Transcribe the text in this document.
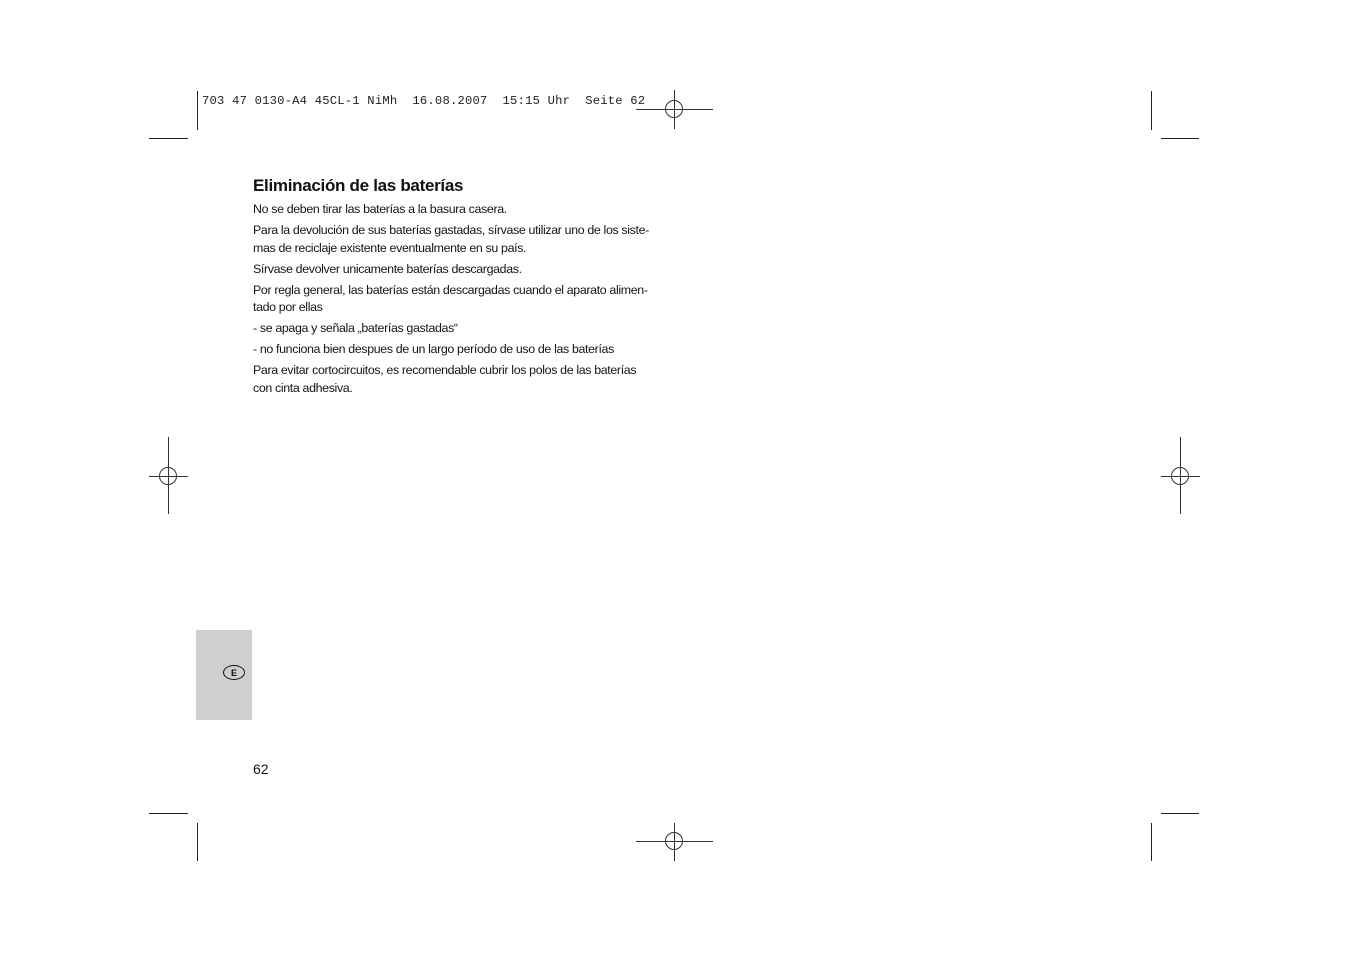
703 47 0130-A4 45CL-1 NiMh  16.08.2007  15:15 Uhr  Seite 62
Eliminación de las baterías

No se deben tirar las baterías a la basura casera.

Para la devolución de sus baterías gastadas, sírvase utilizar uno de los siste-
mas de reciclaje existente eventualmente en su país.

Sírvase devolver unicamente baterías descargadas.

Por regla general, las baterías están descargadas cuando el aparato alimen-
tado por ellas

- se apaga y señala „baterías gastadas“

- no funciona bien despues de un largo período de uso de las baterías

Para evitar cortocircuitos, es recomendable cubrir los polos de las baterías
con cinta adhesiva.

E
62
